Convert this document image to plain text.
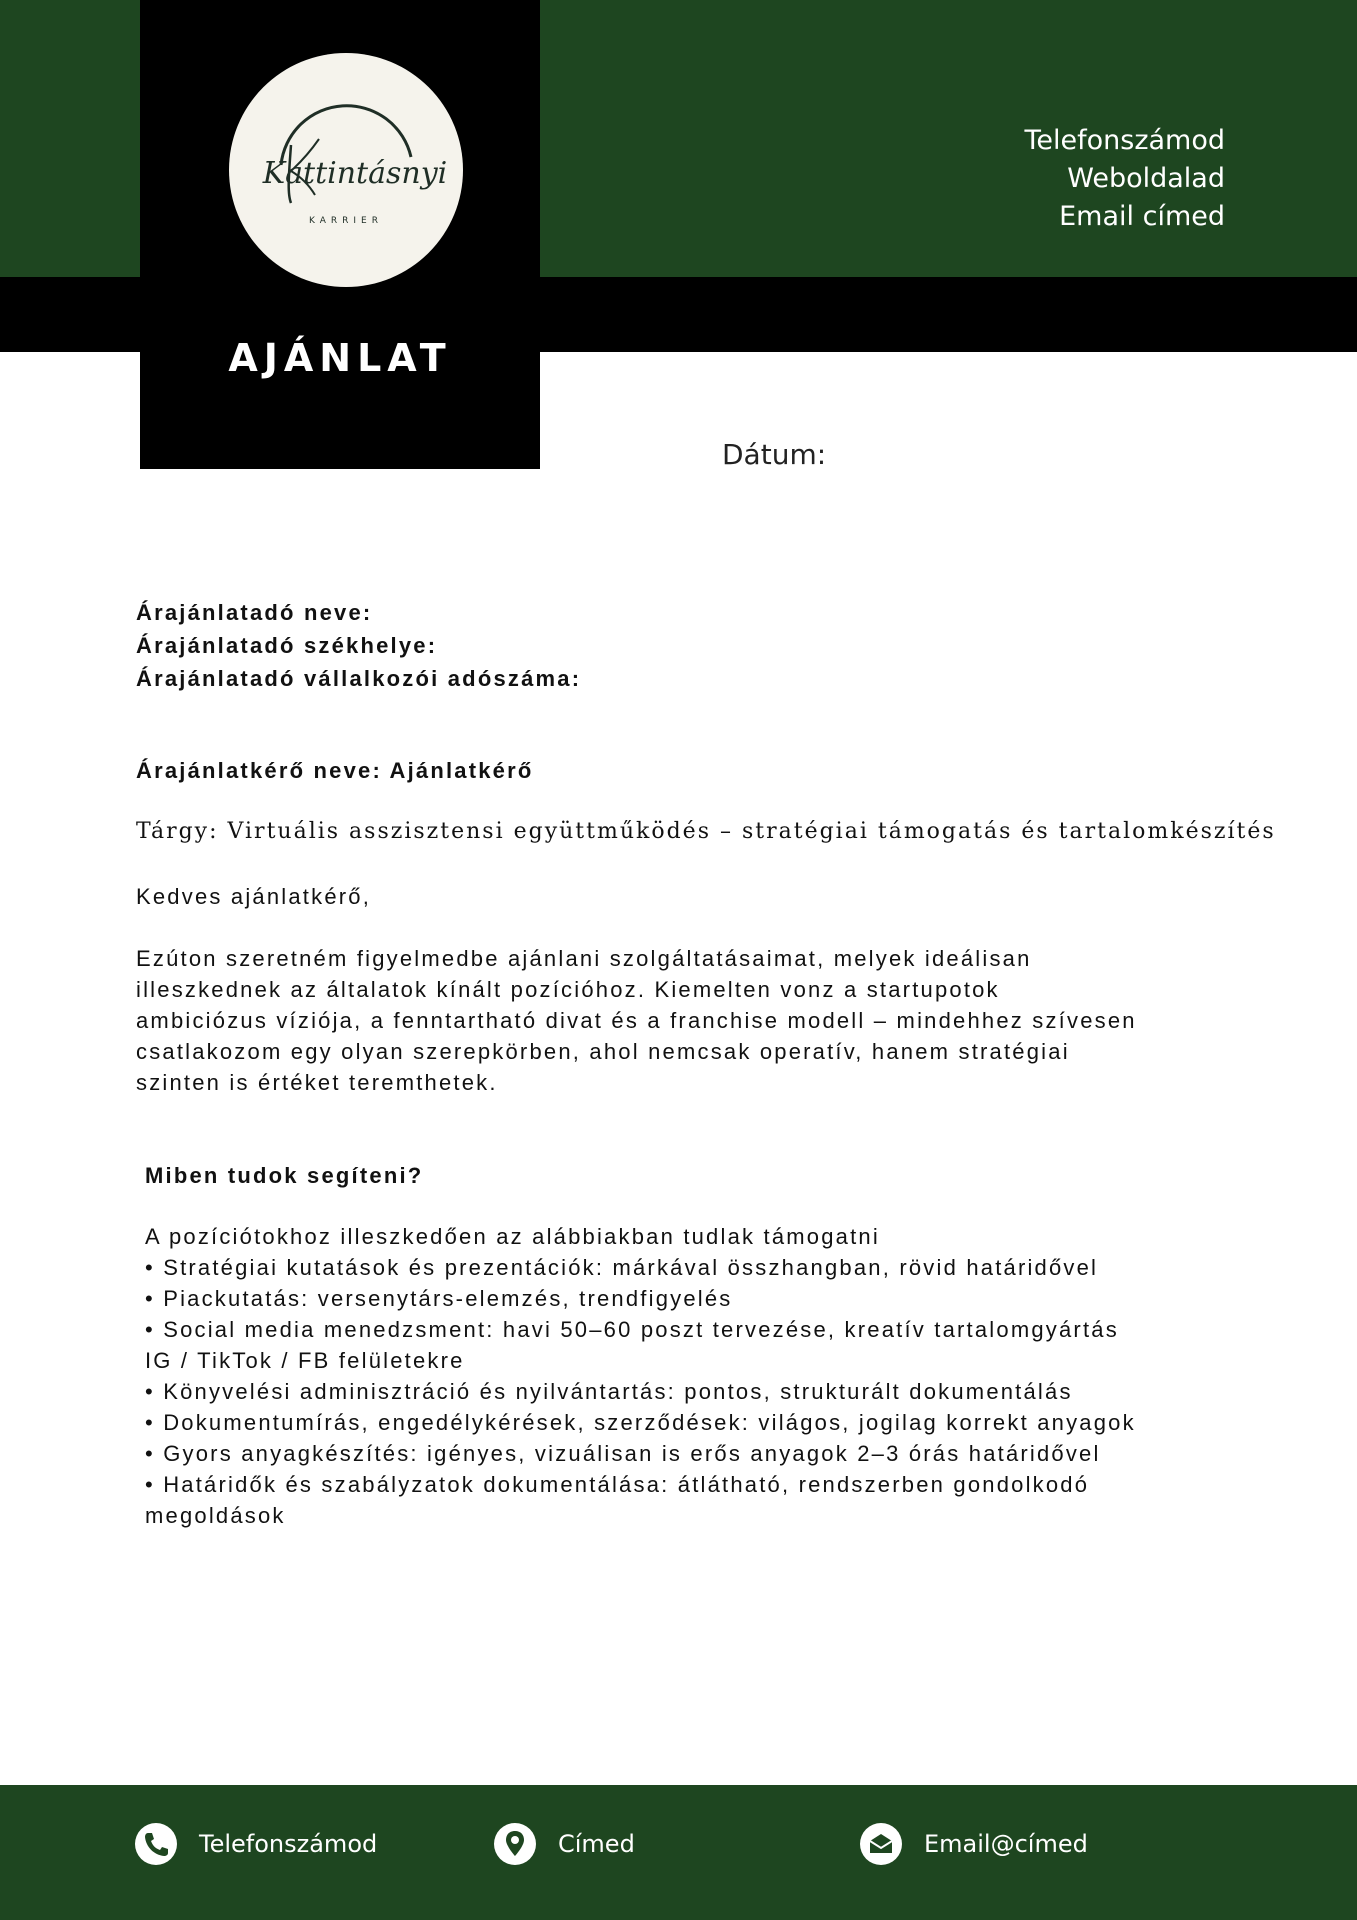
Kattintásnyi
KARRIER
AJÁNLAT
Telefonszámod
Weboldalad
Email címed
Dátum:
Árajánlatadó neve:
Árajánlatadó székhelye:
Árajánlatadó vállalkozói adószáma:
Árajánlatkérő neve: Ajánlatkérő
Tárgy: Virtuális asszisztensi együttműködés – stratégiai támogatás és tartalomkészítés
Kedves ajánlatkérő,
Ezúton szeretném figyelmedbe ajánlani szolgáltatásaimat, melyek ideálisan
illeszkednek az általatok kínált pozícióhoz. Kiemelten vonz a startupotok
ambiciózus víziója, a fenntartható divat és a franchise modell – mindehhez szívesen
csatlakozom egy olyan szerepkörben, ahol nemcsak operatív, hanem stratégiai
szinten is értéket teremthetek.
Miben tudok segíteni?
A pozíciótokhoz illeszkedően az alábbiakban tudlak támogatni
• Stratégiai kutatások és prezentációk: márkával összhangban, rövid határidővel
• Piackutatás: versenytárs-elemzés, trendfigyelés
• Social media menedzsment: havi 50–60 poszt tervezése, kreatív tartalomgyártás
IG / TikTok / FB felületekre
• Könyvelési adminisztráció és nyilvántartás: pontos, strukturált dokumentálás
• Dokumentumírás, engedélykérések, szerződések: világos, jogilag korrekt anyagok
• Gyors anyagkészítés: igényes, vizuálisan is erős anyagok 2–3 órás határidővel
• Határidők és szabályzatok dokumentálása: átlátható, rendszerben gondolkodó
megoldások
Telefonszámod	Címed	Email@címed
